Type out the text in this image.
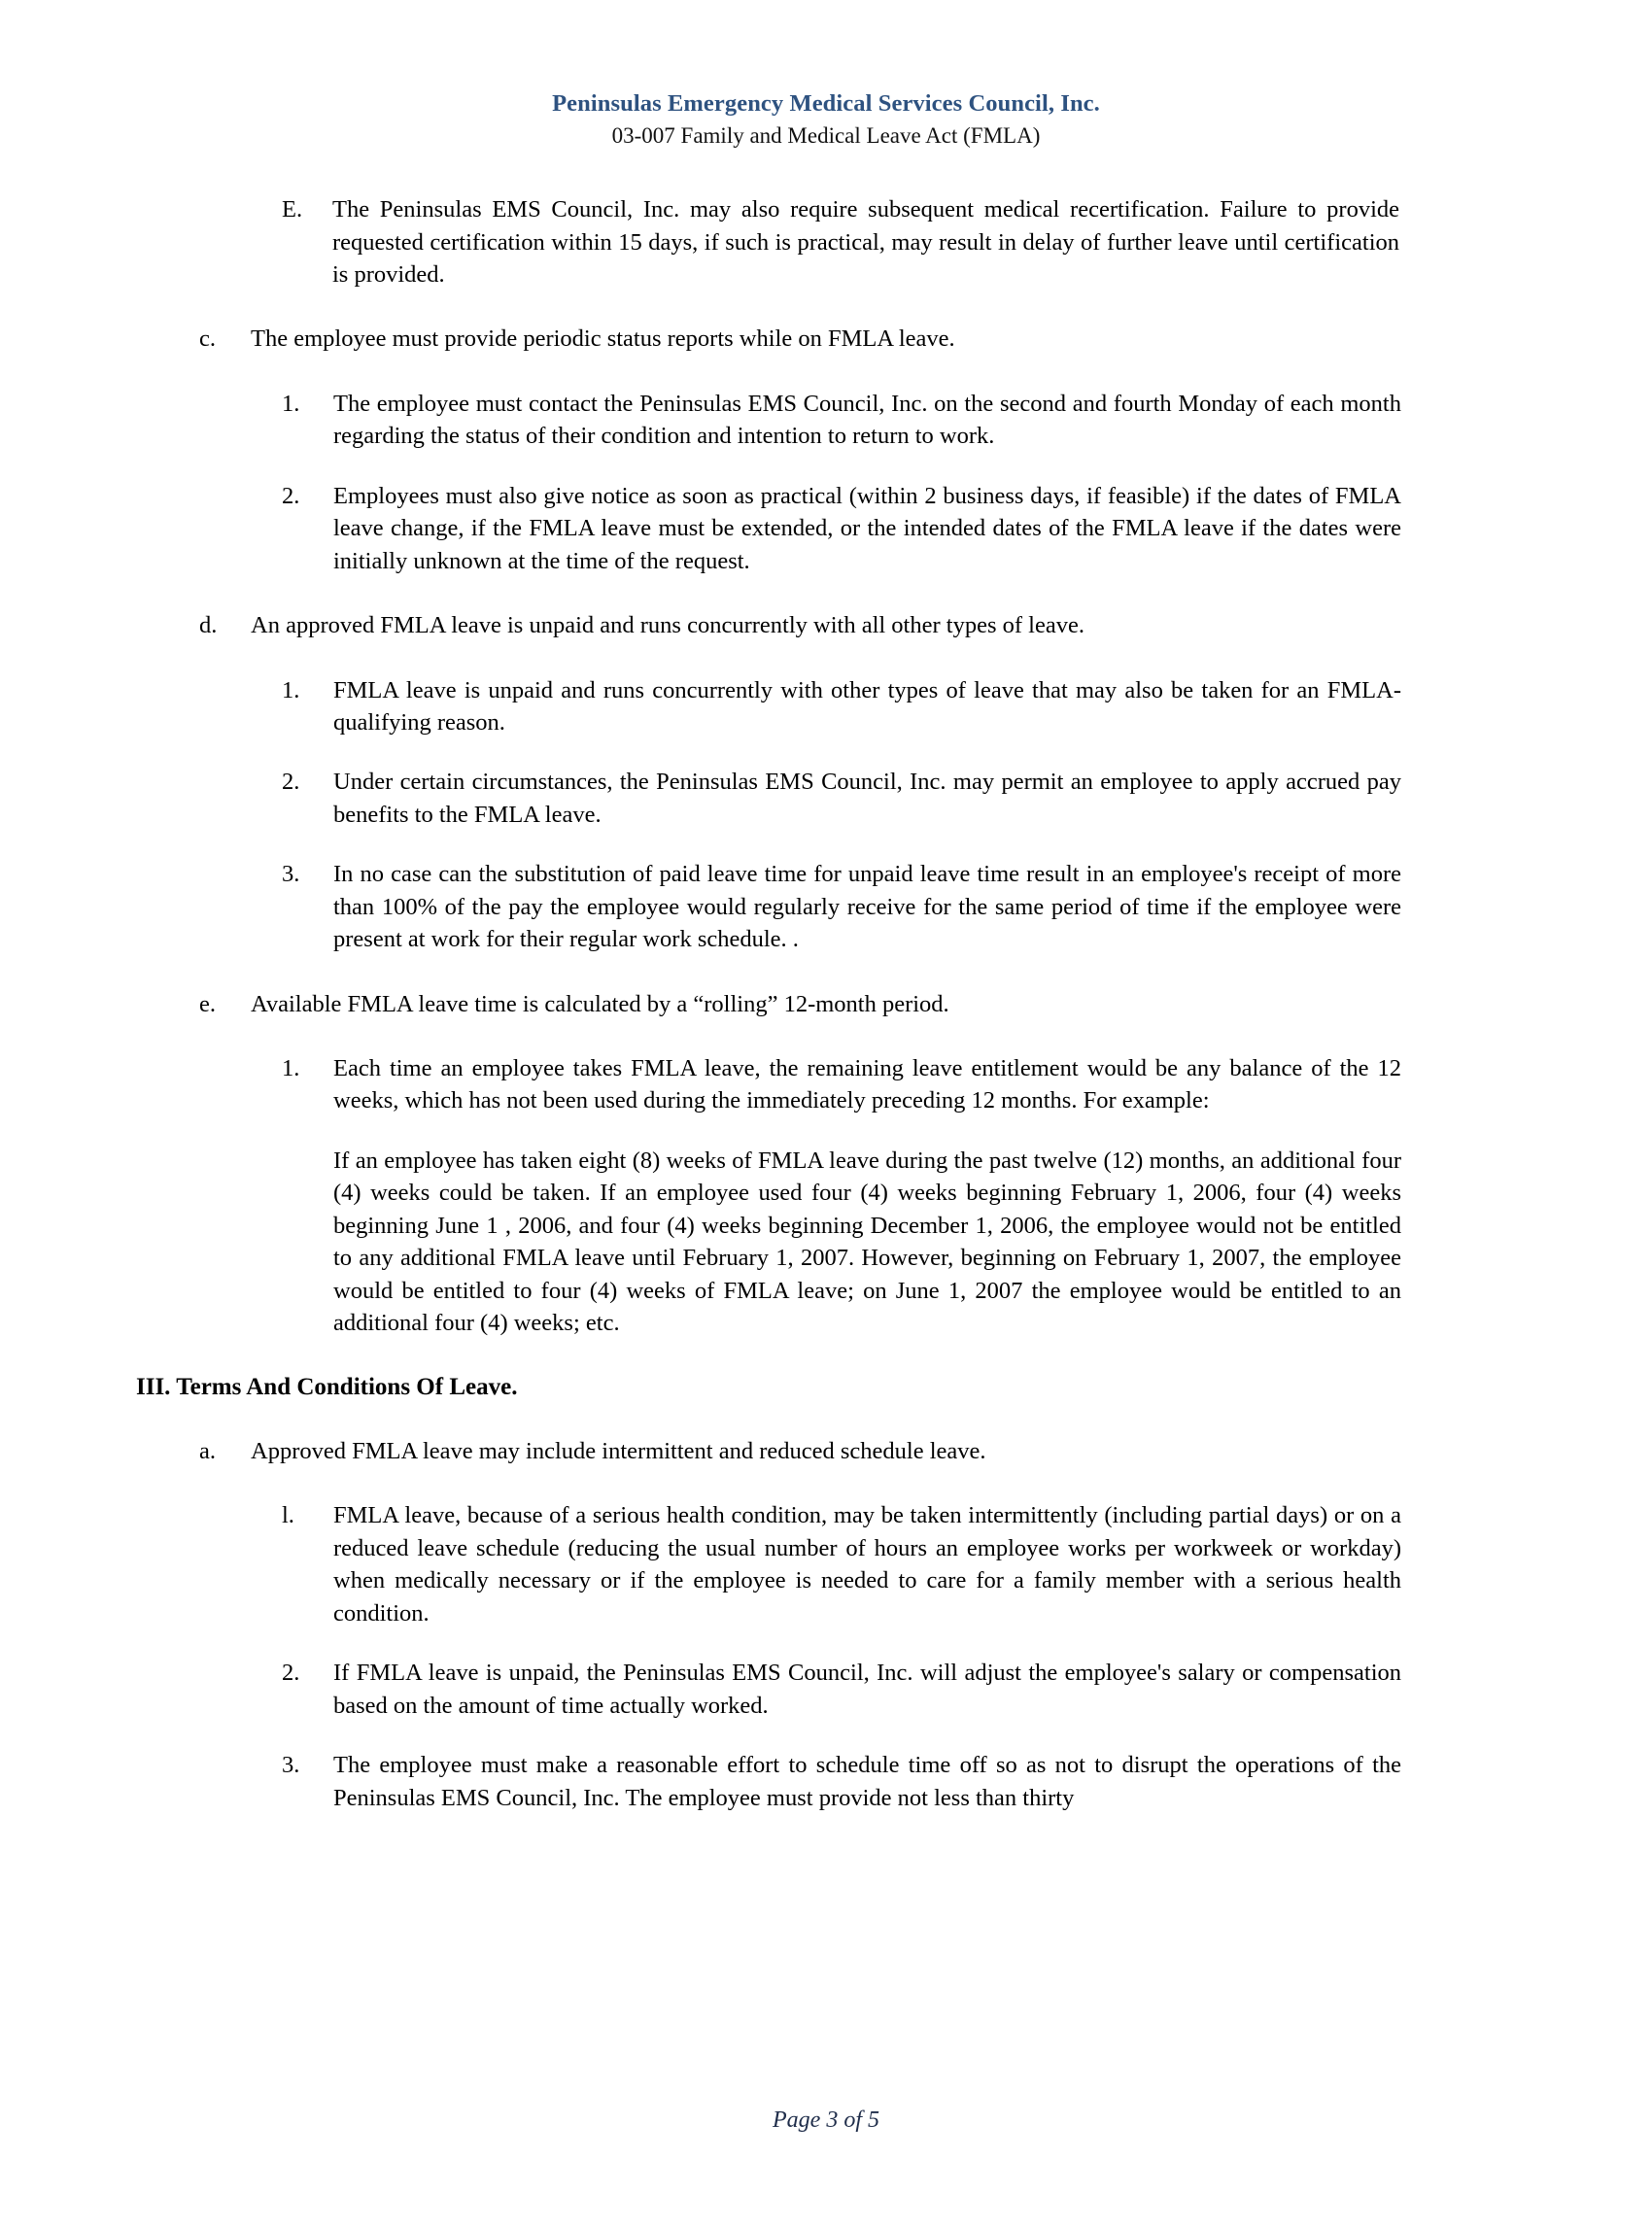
Peninsulas Emergency Medical Services Council, Inc.
03-007 Family and Medical Leave Act (FMLA)
E.	The Peninsulas EMS Council, Inc. may also require subsequent medical recertification. Failure to provide requested certification within 15 days, if such is practical, may result in delay of further leave until certification is provided.
c.	The employee must provide periodic status reports while on FMLA leave.
1.	The employee must contact the Peninsulas EMS Council, Inc. on the second and fourth Monday of each month regarding the status of their condition and intention to return to work.
2.	Employees must also give notice as soon as practical (within 2 business days, if feasible) if the dates of FMLA leave change, if the FMLA leave must be extended, or the intended dates of the FMLA leave if the dates were initially unknown at the time of the request.
d.	An approved FMLA leave is unpaid and runs concurrently with all other types of leave.
1.	FMLA leave is unpaid and runs concurrently with other types of leave that may also be taken for an FMLA-qualifying reason.
2.	Under certain circumstances, the Peninsulas EMS Council, Inc. may permit an employee to apply accrued pay benefits to the FMLA leave.
3.	In no case can the substitution of paid leave time for unpaid leave time result in an employee's receipt of more than 100% of the pay the employee would regularly receive for the same period of time if the employee were present at work for their regular work schedule. .
e.	Available FMLA leave time is calculated by a “rolling” 12-month period.
1.	Each time an employee takes FMLA leave, the remaining leave entitlement would be any balance of the 12 weeks, which has not been used during the immediately preceding 12 months. For example:
If an employee has taken eight (8) weeks of FMLA leave during the past twelve (12) months, an additional four (4) weeks could be taken. If an employee used four (4) weeks beginning February 1, 2006, four (4) weeks beginning June 1 , 2006, and four (4) weeks beginning December 1, 2006, the employee would not be entitled to any additional FMLA leave until February 1, 2007. However, beginning on February 1, 2007, the employee would be entitled to four (4) weeks of FMLA leave; on June 1, 2007 the employee would be entitled to an additional four (4) weeks; etc.
III. Terms And Conditions Of Leave.
a.	Approved FMLA leave may include intermittent and reduced schedule leave.
l.	FMLA leave, because of a serious health condition, may be taken intermittently (including partial days) or on a reduced leave schedule (reducing the usual number of hours an employee works per workweek or workday) when medically necessary or if the employee is needed to care for a family member with a serious health condition.
2.	If FMLA leave is unpaid, the Peninsulas EMS Council, Inc. will adjust the employee's salary or compensation based on the amount of time actually worked.
3.	The employee must make a reasonable effort to schedule time off so as not to disrupt the operations of the Peninsulas EMS Council, Inc. The employee must provide not less than thirty
Page 3 of 5
